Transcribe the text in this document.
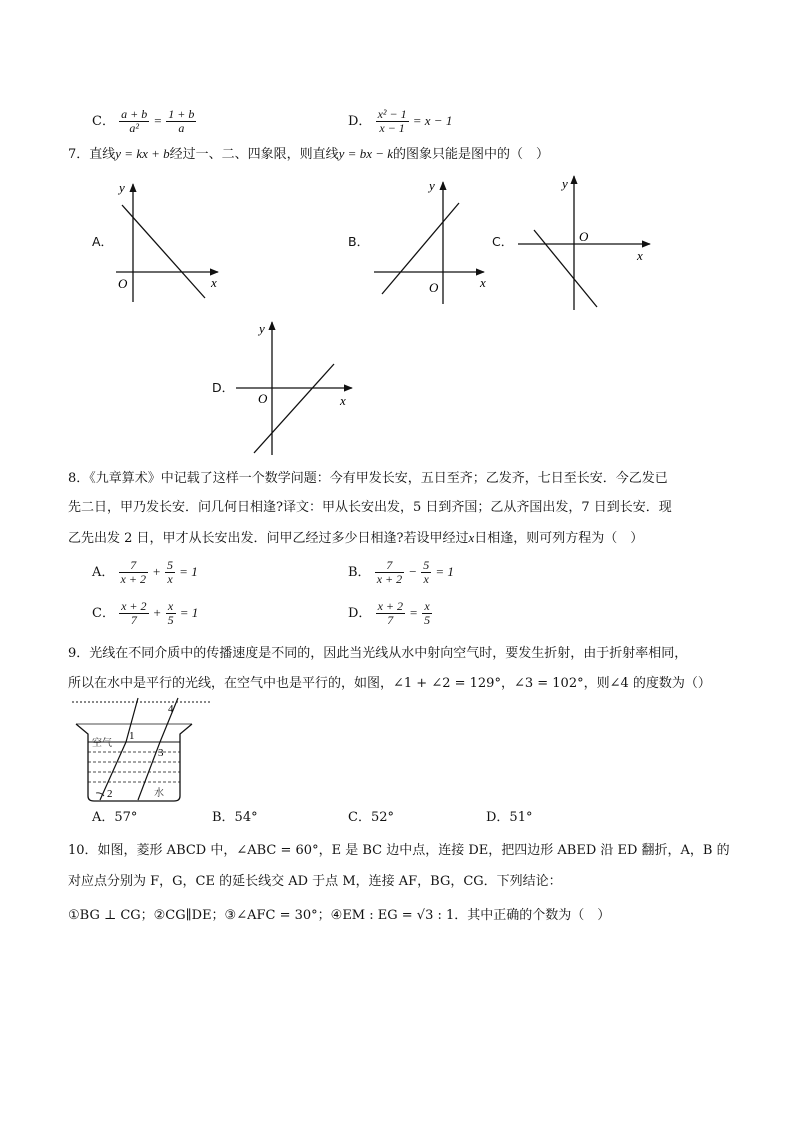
C． $\frac{a + b}{\text{a²}} = \frac{1 + b}{a}$	D． $\frac{\text{x² − 1}}{x - 1} = x - 1$
7．直线y = kx + b经过一、二、四象限，则直线y = bx − k的图象只能是图中的（　）
A．	B．	C．
D．
y
x
O
y
x
O
y
x
O
y
x
O
8．《九章算术》中记载了这样一个数学问题：今有甲发长安，五日至齐；乙发齐，七日至长安．今乙发已
先二日，甲乃发长安．问几何日相逢?译文：甲从长安出发，5 日到齐国；乙从齐国出发，7 日到长安．现
乙先出发 2 日，甲才从长安出发．问甲乙经过多少日相逢?若设甲经过x日相逢，则可列方程为（　）
A． $\frac{7}{x + 2} + \frac{5}{x} = 1$	B． $\frac{7}{x + 2} - \frac{5}{x} = 1$
C． $\frac{x + 2}{7} + \frac{x}{5} = 1$	D． $\frac{x + 2}{7} = \frac{x}{5}$
9．光线在不同介质中的传播速度是不同的，因此当光线从水中射向空气时，要发生折射，由于折射率相同，
所以在水中是平行的光线，在空气中也是平行的，如图，∠1 + ∠2 = 129°，∠3 = 102°，则∠4 的度数为（）
空气
水
1
2
3
4
A．57°	B．54°	C．52°	D．51°
10．如图，菱形 ABCD 中，∠ABC = 60°，E 是 BC 边中点，连接 DE，把四边形 ABED 沿 ED 翻折，A，B 的
对应点分别为 F，G，CE 的延长线交 AD 于点 M，连接 AF，BG，CG．下列结论：
①BG ⊥ CG；②CG∥DE；③∠AFC = 30°；④EM : EG = √3 : 1．其中正确的个数为（　）
